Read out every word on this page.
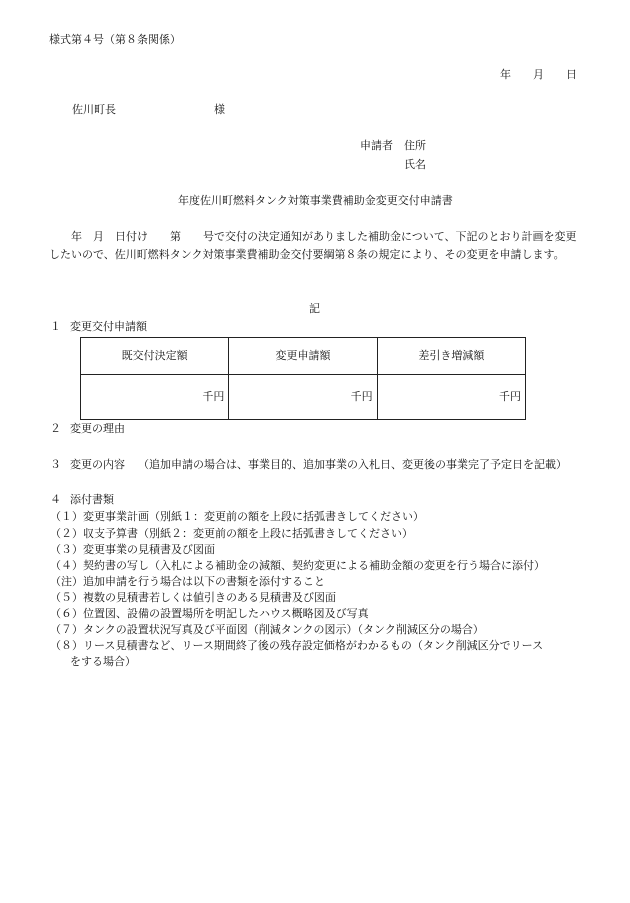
様式第４号（第８条関係）
年　　月　　日
佐川町長	様
申請者 住所
氏名
年度佐川町燃料タンク対策事業費補助金変更交付申請書
年　月　日付け　　第　　号で交付の決定通知がありました補助金について、下記のとおり計画を変更したいので、佐川町燃料タンク対策事業費補助金交付要綱第８条の規定により、その変更を申請します。
記
１ 変更交付申請額
既交付決定額	変更申請額	差引き増減額
千円	千円	千円
２ 変更の理由
３ 変更の内容 （追加申請の場合は、事業目的、追加事業の入札日、変更後の事業完了予定日を記載）
４ 添付書類
（１）変更事業計画（別紙１：変更前の額を上段に括弧書きしてください）
（２）収支予算書（別紙２：変更前の額を上段に括弧書きしてください）
（３）変更事業の見積書及び図面
（４）契約書の写し（入札による補助金の減額、契約変更による補助金額の変更を行う場合に添付）
（注）追加申請を行う場合は以下の書類を添付すること
（５）複数の見積書若しくは値引きのある見積書及び図面
（６）位置図、設備の設置場所を明記したハウス概略図及び写真
（７）タンクの設置状況写真及び平面図（削減タンクの図示）（タンク削減区分の場合）
（８）リース見積書など、リース期間終了後の残存設定価格がわかるもの（タンク削減区分でリース
をする場合）
